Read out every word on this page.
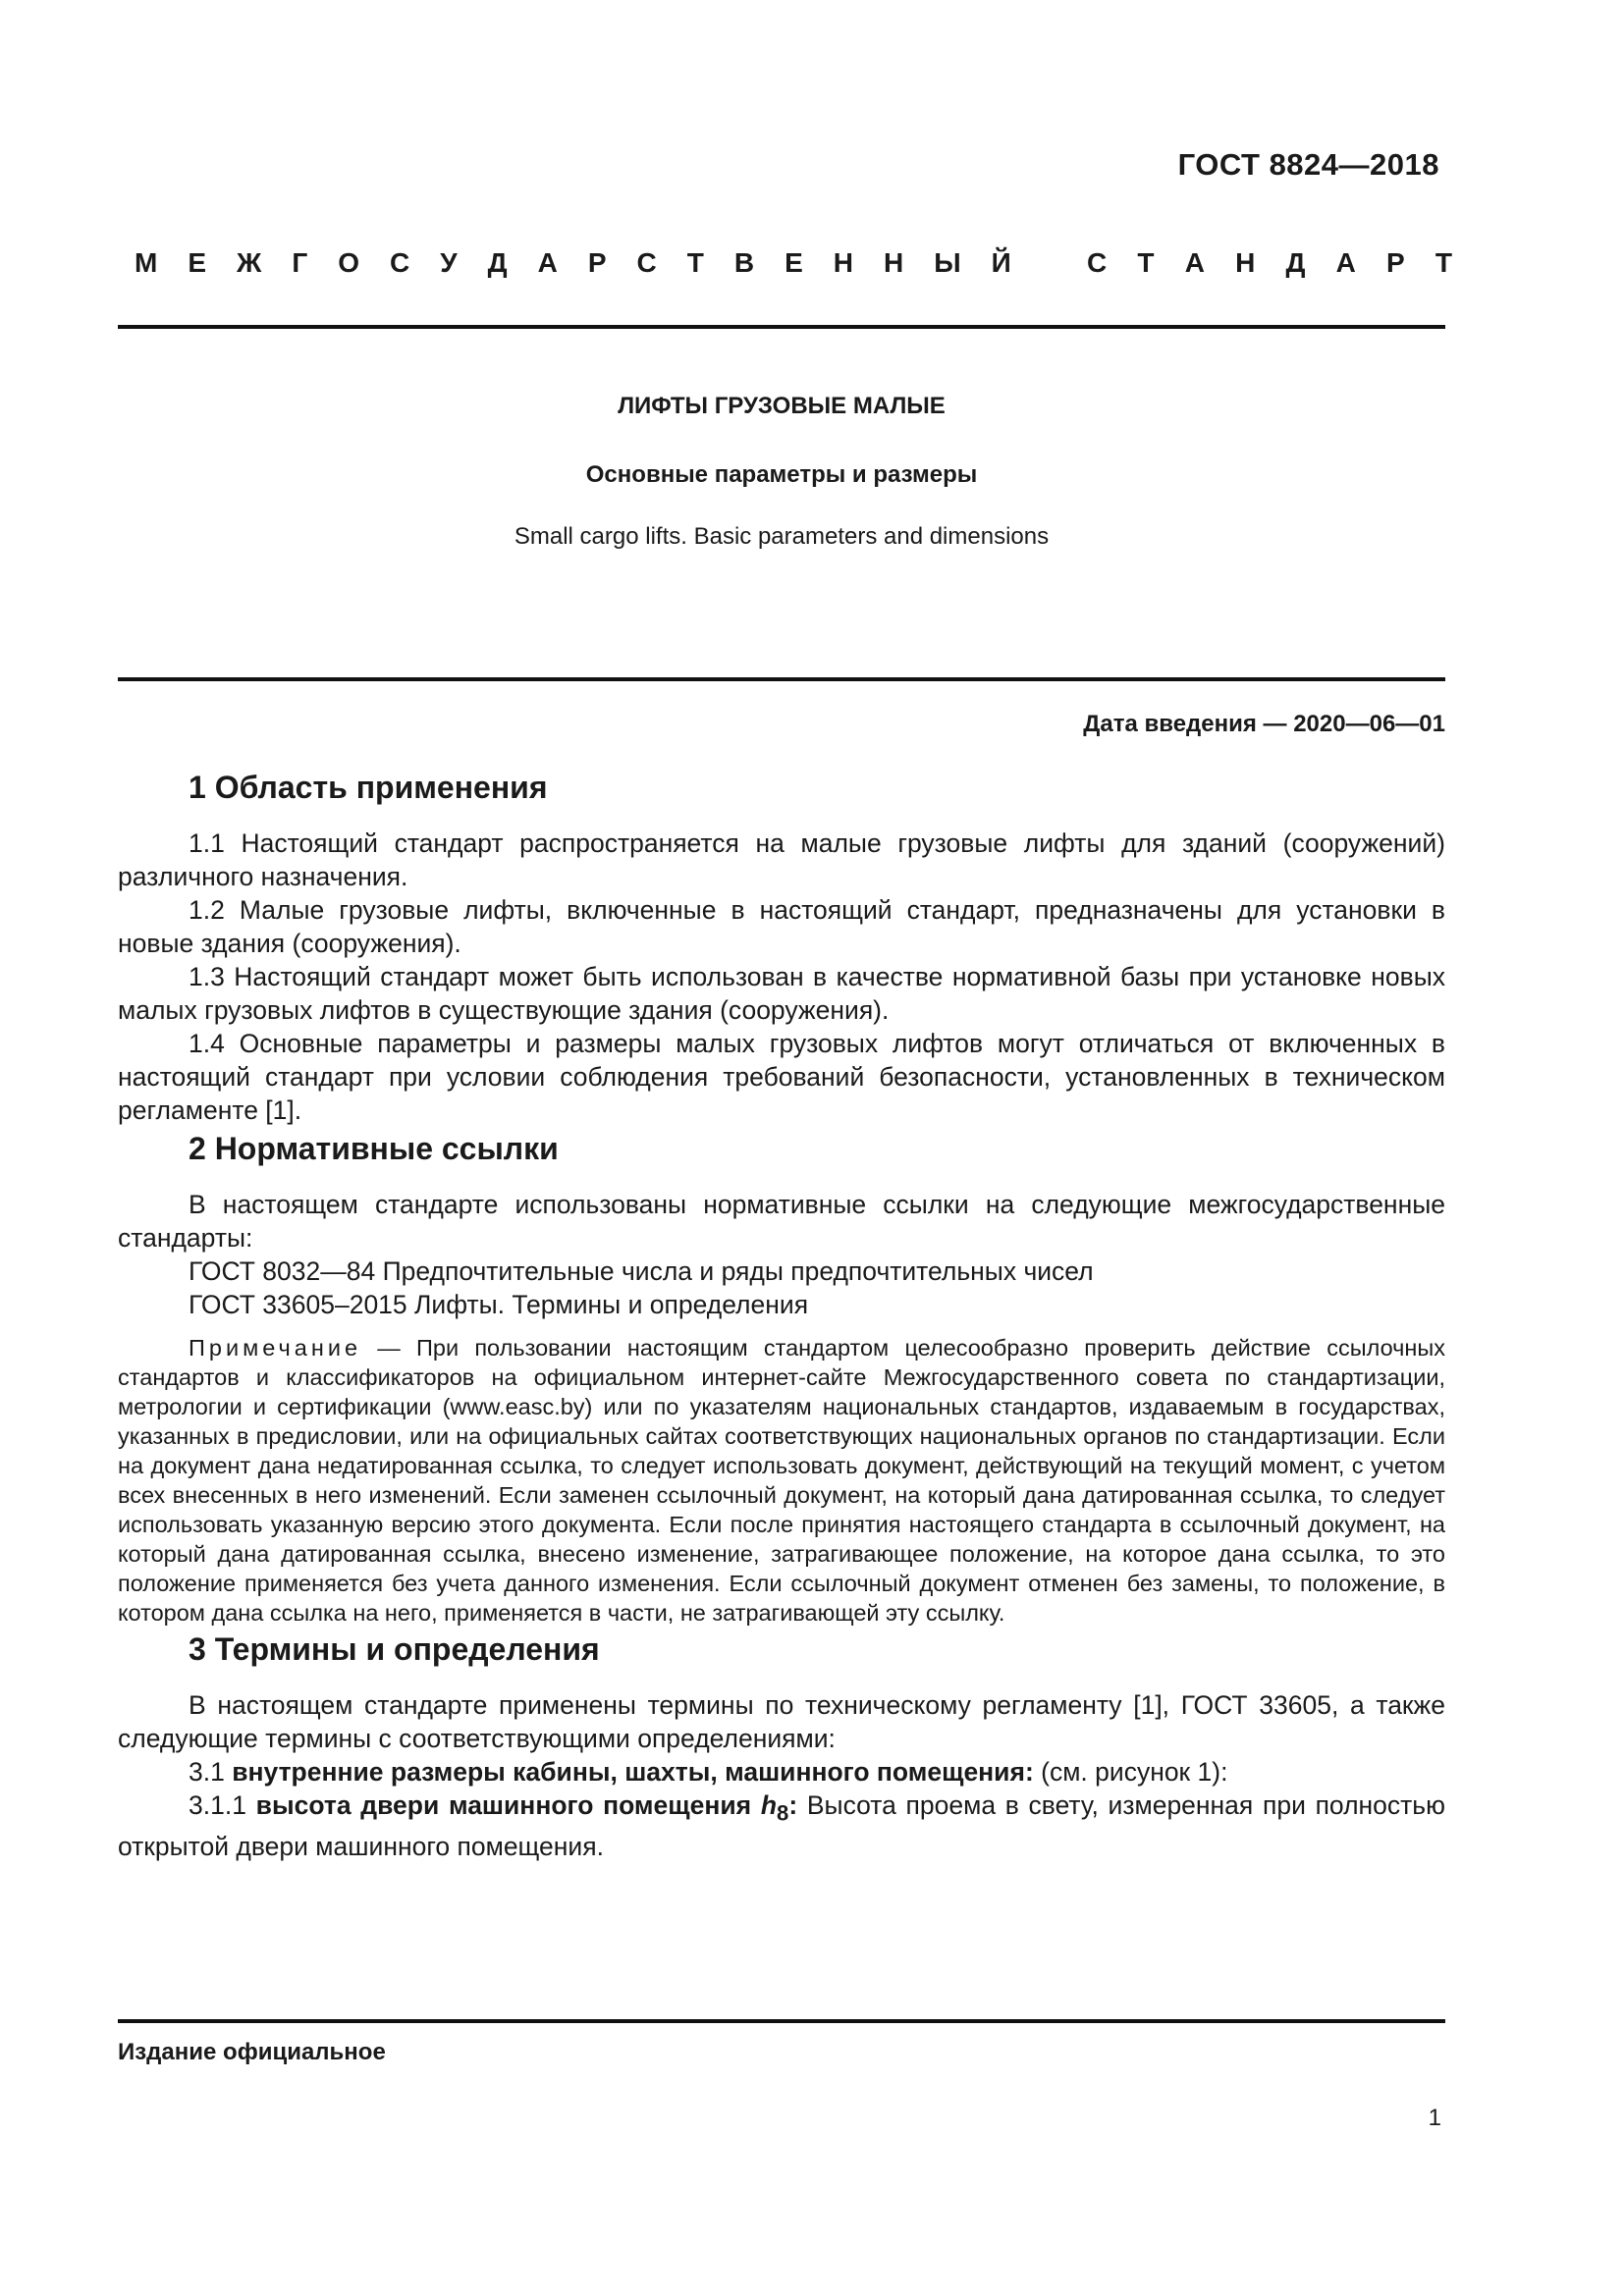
ГОСТ 8824—2018
М Е Ж Г О С У Д А Р С Т В Е Н Н Ы Й	С Т А Н Д А Р Т
ЛИФТЫ ГРУЗОВЫЕ МАЛЫЕ
Основные параметры и размеры
Small cargo lifts. Basic parameters and dimensions
Дата введения — 2020—06—01
1 Область применения

1.1 Настоящий стандарт распространяется на малые грузовые лифты для зданий (сооружений) различного назначения.

1.2 Малые грузовые лифты, включенные в настоящий стандарт, предназначены для установки в новые здания (сооружения).

1.3 Настоящий стандарт может быть использован в качестве нормативной базы при установке новых малых грузовых лифтов в существующие здания (сооружения).

1.4 Основные параметры и размеры малых грузовых лифтов могут отличаться от включенных в настоящий стандарт при условии соблюдения требований безопасности, установленных в техническом регламенте [1].

2 Нормативные ссылки

В настоящем стандарте использованы нормативные ссылки на следующие межгосударственные стандарты:

ГОСТ 8032—84 Предпочтительные числа и ряды предпочтительных чисел

ГОСТ 33605–2015 Лифты. Термины и определения

Примечание — При пользовании настоящим стандартом целесообразно проверить действие ссылочных стандартов и классификаторов на официальном интернет-сайте Межгосударственного совета по стандартизации, метрологии и сертификации (www.easc.by) или по указателям национальных стандартов, издаваемым в государствах, указанных в предисловии, или на официальных сайтах соответствующих национальных органов по стандартизации. Если на документ дана недатированная ссылка, то следует использовать документ, действующий на текущий момент, с учетом всех внесенных в него изменений. Если заменен ссылочный документ, на который дана датированная ссылка, то следует использовать указанную версию этого документа. Если после принятия настоящего стандарта в ссылочный документ, на который дана датированная ссылка, внесено изменение, затрагивающее положение, на которое дана ссылка, то это положение применяется без учета данного изменения. Если ссылочный документ отменен без замены, то положение, в котором дана ссылка на него, применяется в части, не затрагивающей эту ссылку.

3 Термины и определения

В настоящем стандарте применены термины по техническому регламенту [1], ГОСТ 33605, а также следующие термины с соответствующими определениями:

3.1 внутренние размеры кабины, шахты, машинного помещения: (см. рисунок 1):

3.1.1 высота двери машинного помещения $h_8$: Высота проема в свету, измеренная при полностью открытой двери машинного помещения.

Издание официальное
1
